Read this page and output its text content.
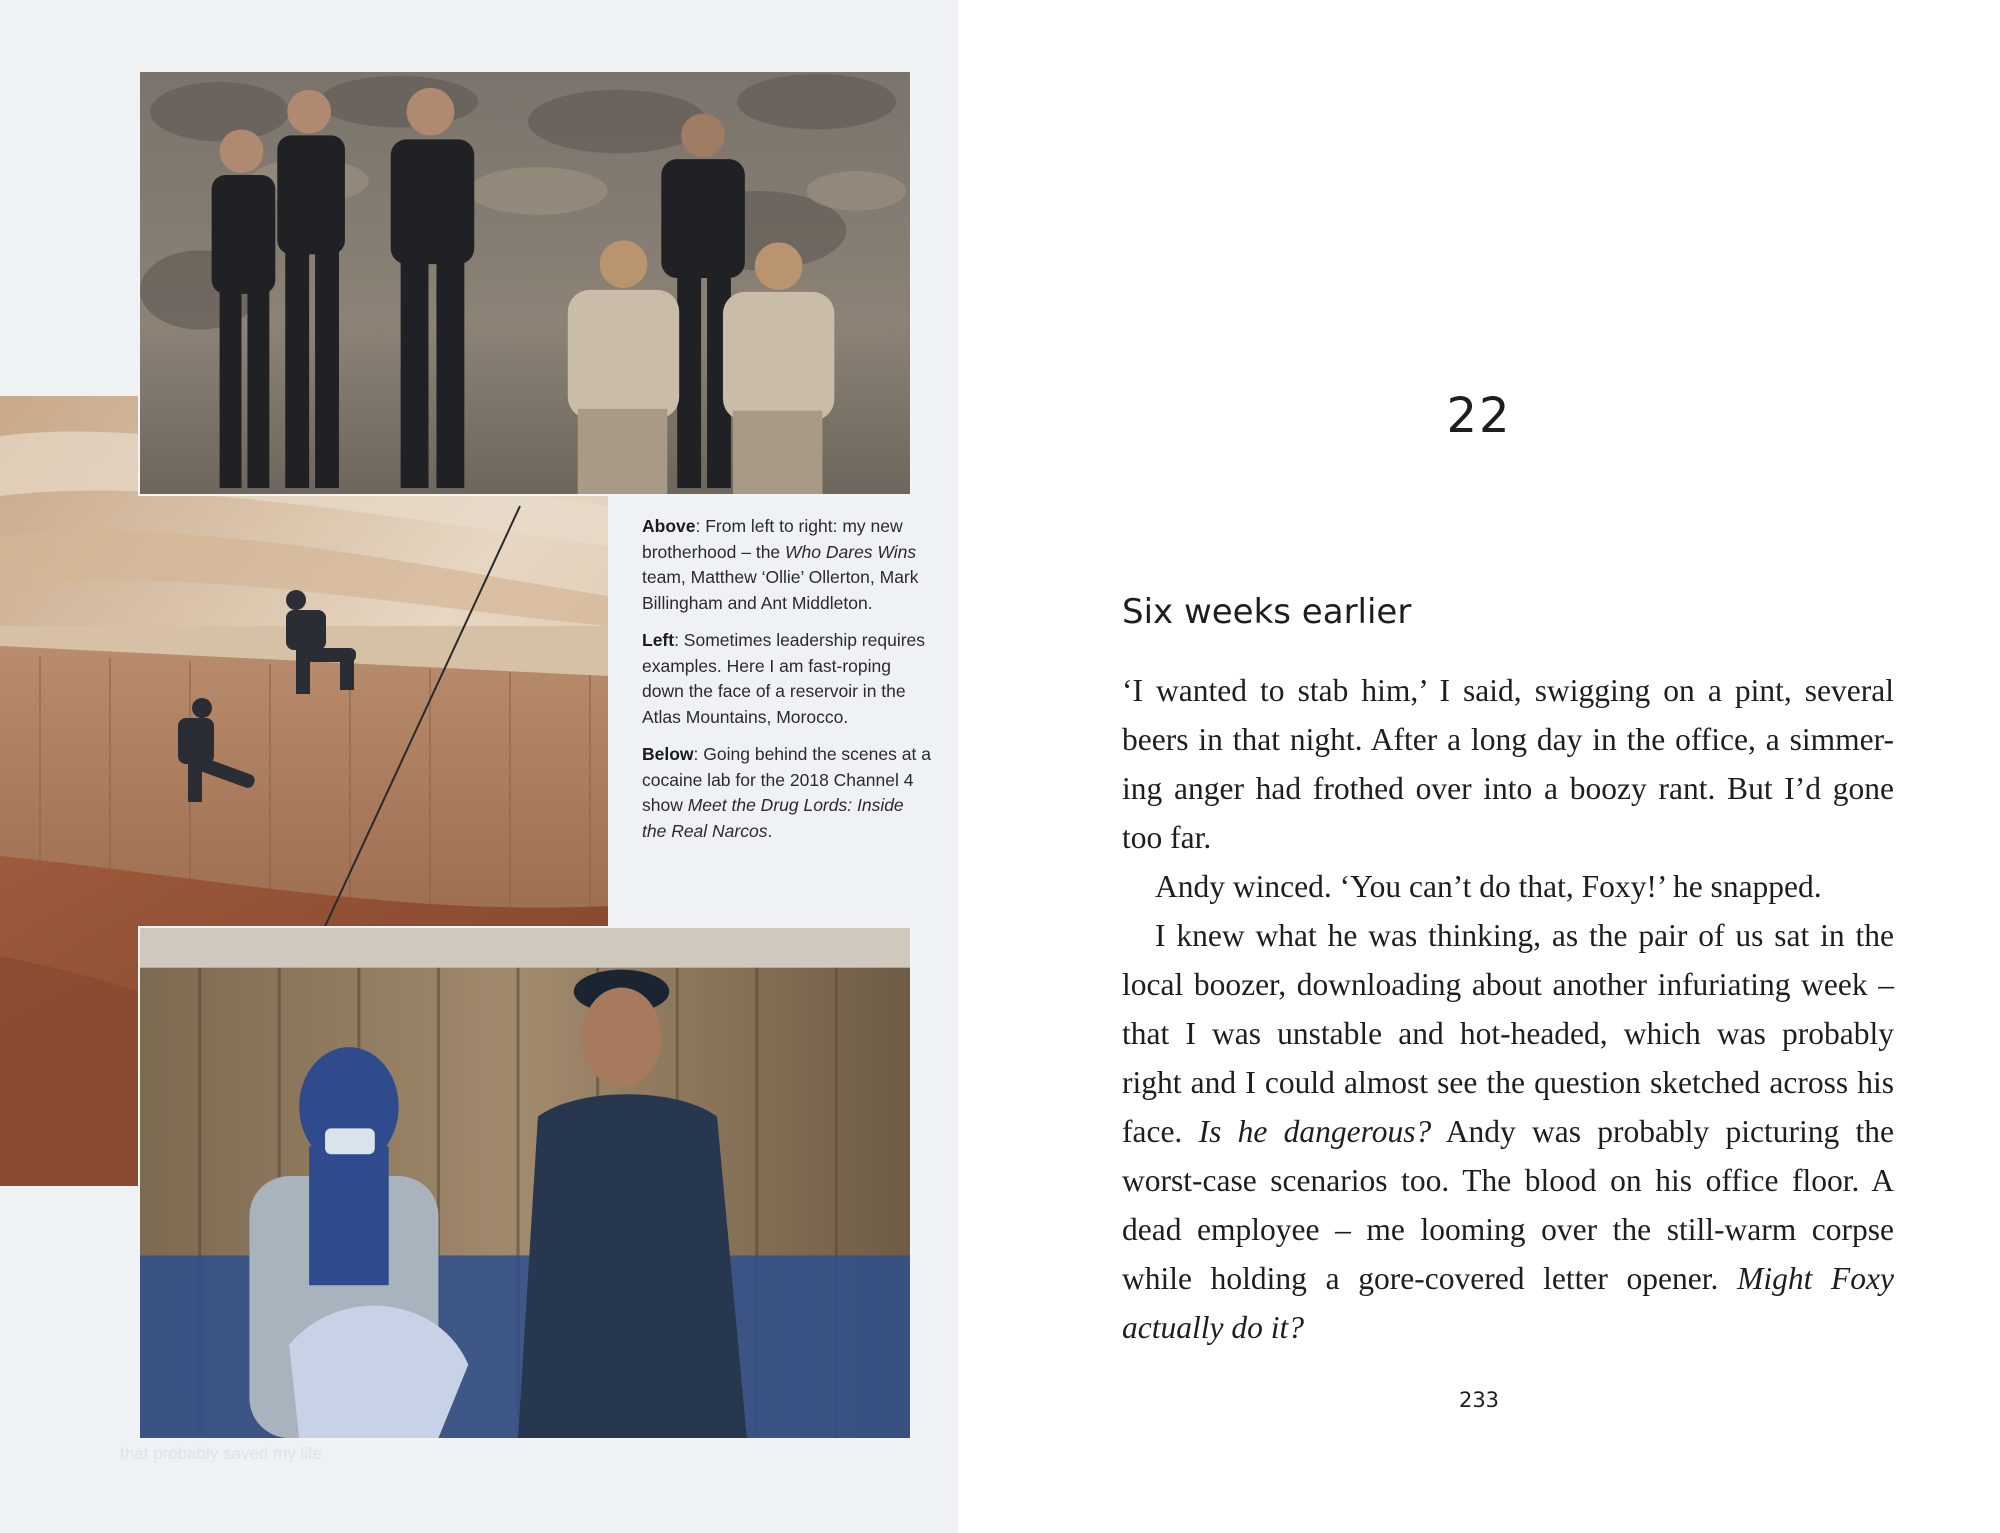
Above: From left to right: my new brotherhood – the Who Dares Wins team, Matthew ‘Ollie’ Ollerton, Mark Billingham and Ant Middleton.

Left: Sometimes leadership requires examples. Here I am fast-roping down the face of a reservoir in the Atlas Mountains, Morocco.

Below: Going behind the scenes at a cocaine lab for the 2018 Channel 4 show Meet the Drug Lords: Inside the Real Narcos.

that probably saved my life
22
Six weeks earlier

‘I wanted to stab him,’ I said, swigging on a pint, several beers in that night. After a long day in the office, a simmer-ing anger had frothed over into a boozy rant. But I’d gone too far.

Andy winced. ‘You can’t do that, Foxy!’ he snapped.

I knew what he was thinking, as the pair of us sat in the local boozer, downloading about another infuriating week – that I was unstable and hot-headed, which was probably right and I could almost see the question sketched across his face. Is he dangerous? Andy was probably picturing the worst-case scenarios too. The blood on his office floor. A dead employee – me looming over the still-warm corpse while holding a gore-covered letter opener. Might Foxy actually do it?

233
